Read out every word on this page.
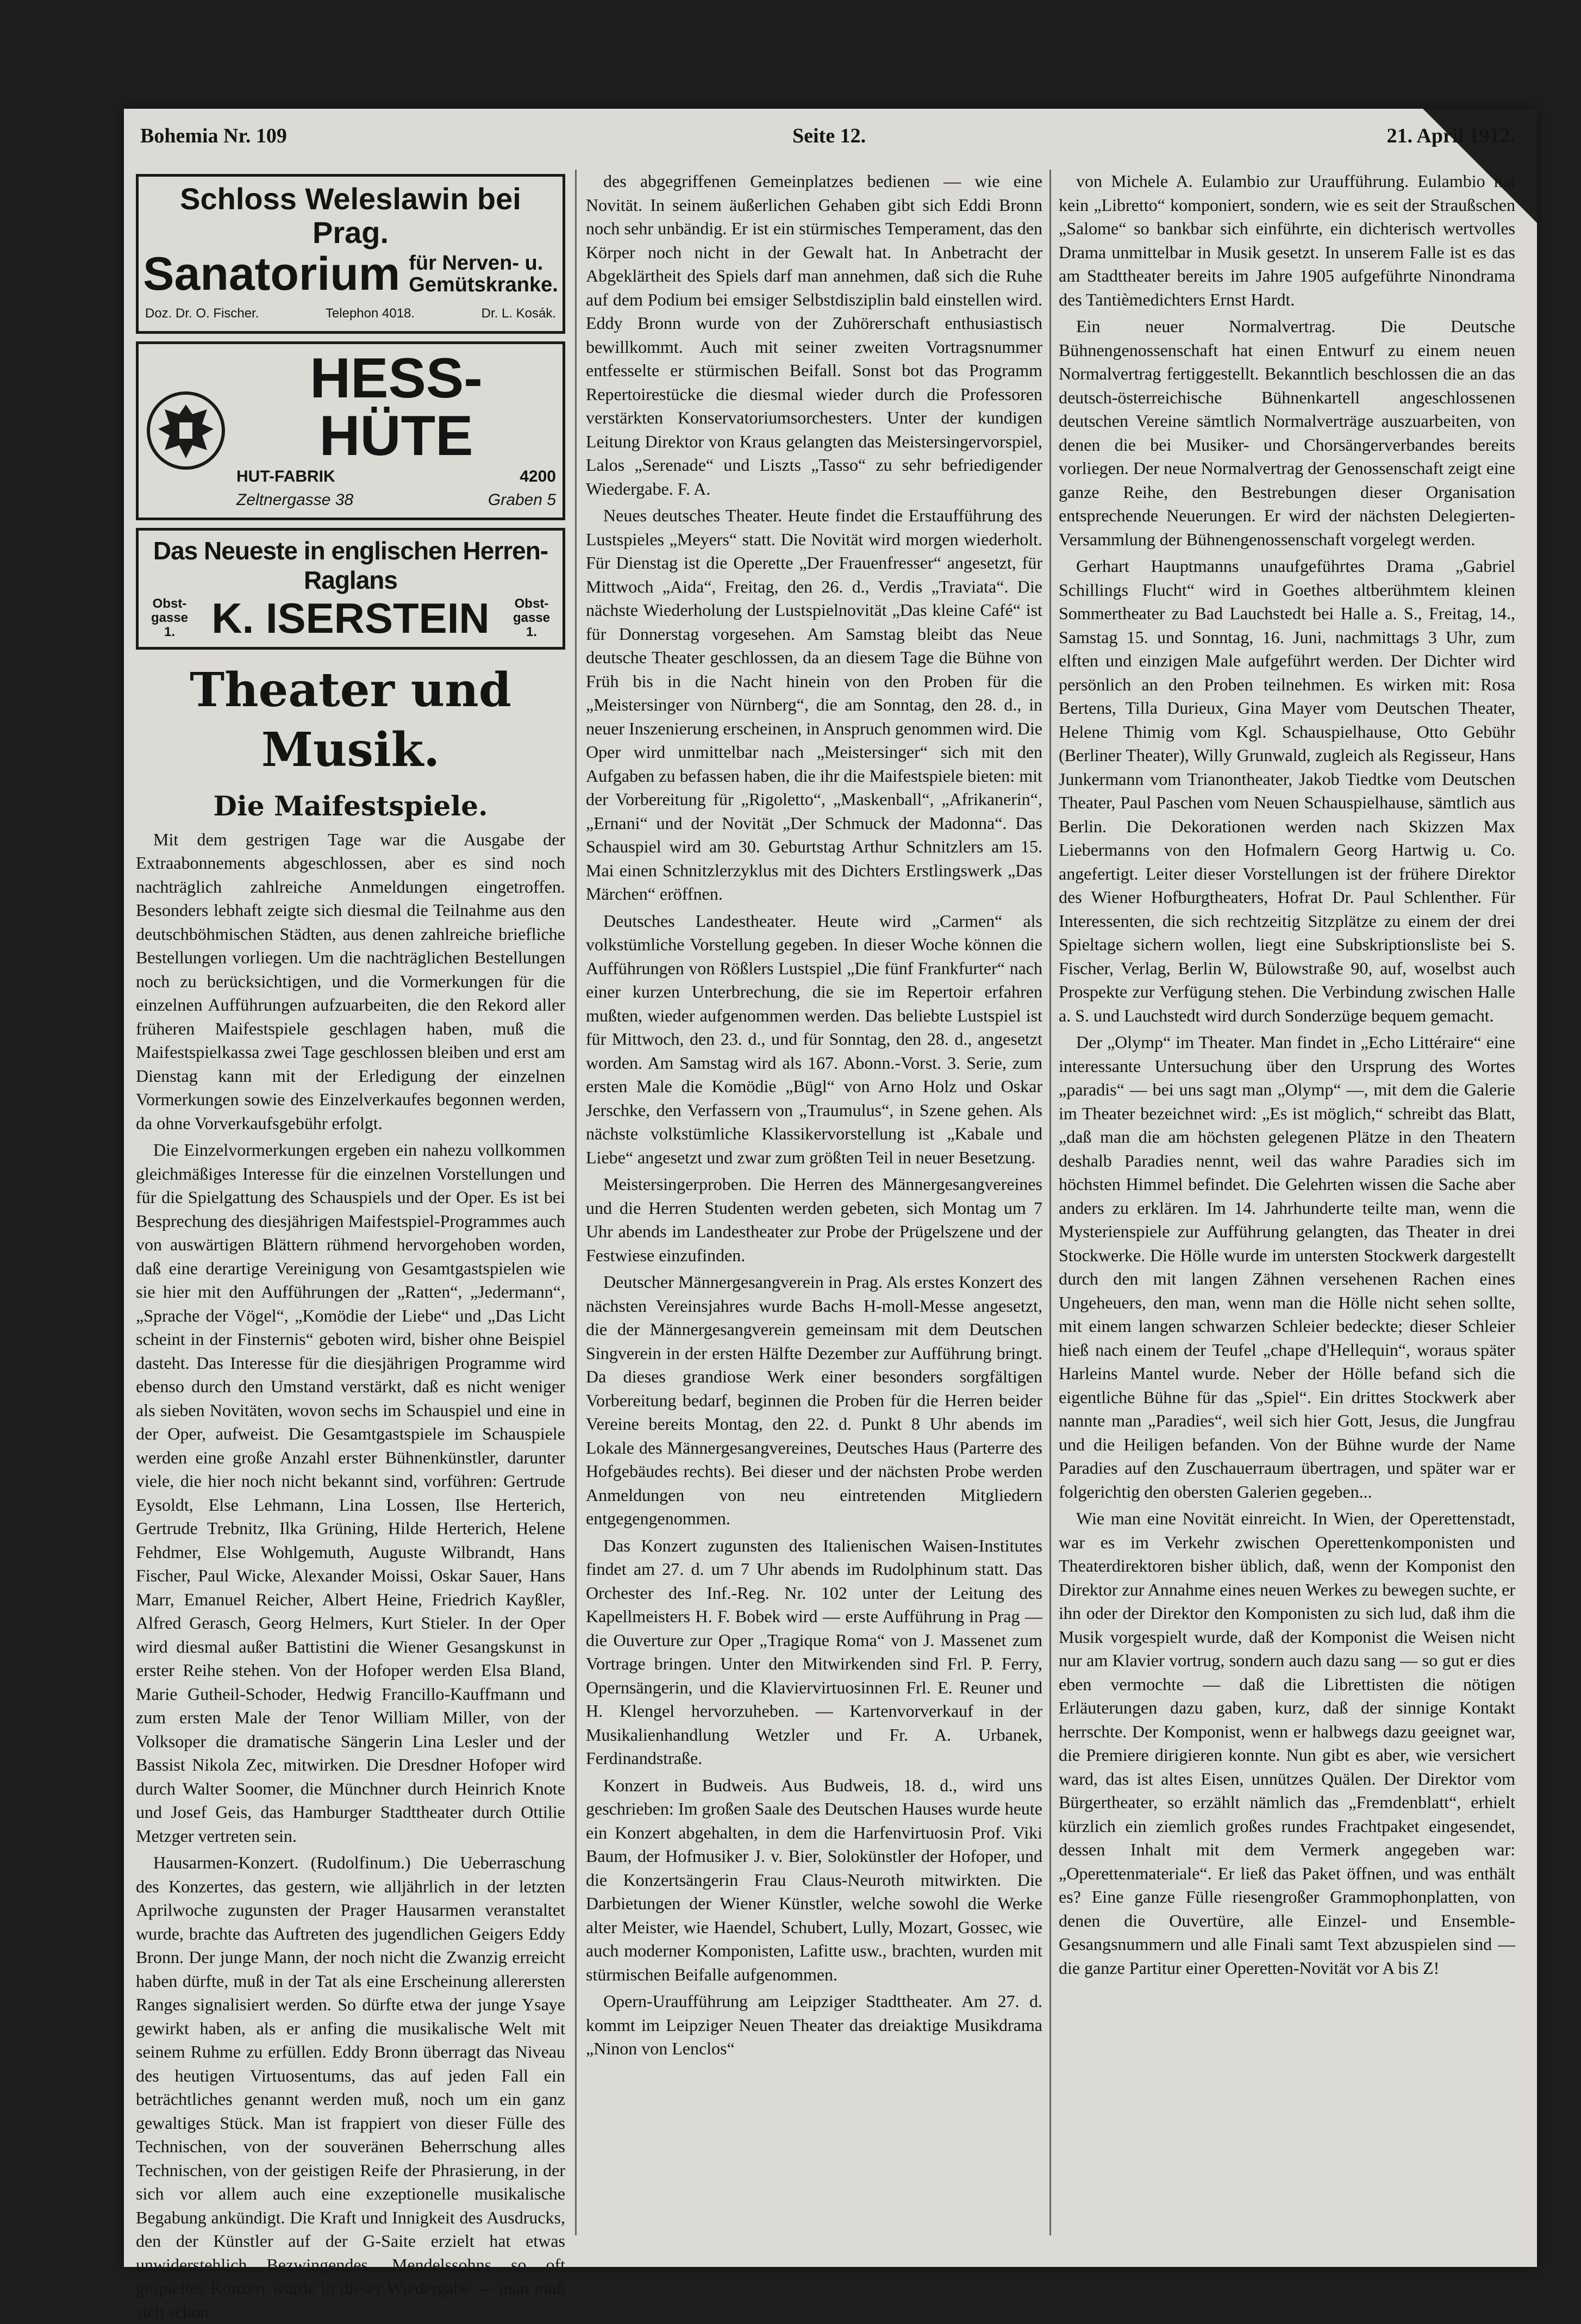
Bohemia Nr. 109	Seite 12.	21. April 1912.
Schloss Weleslawin bei Prag.
Sanatorium für Nerven- u. Gemütskranke.
Doz. Dr. O. Fischer.	Telephon 4018.	Dr. L. Kosák.
HESS-HÜTE
HUT-FABRIK	4200
Zeltnergasse 38	Graben 5
Das Neueste in englischen Herren-Raglans
Obst-gasse 1. K. ISERSTEIN	Obst-gasse 1.
Theater und Musik.
Die Maifestspiele.

Mit dem gestrigen Tage war die Ausgabe der Extraabonnements abgeschlossen, aber es sind noch nachträglich zahlreiche Anmeldungen eingetroffen. Besonders lebhaft zeigte sich diesmal die Teilnahme aus den deutschböhmischen Städten, aus denen zahlreiche briefliche Bestellungen vorliegen. Um die nachträglichen Bestellungen noch zu berücksichtigen, und die Vormerkungen für die einzelnen Aufführungen aufzuarbeiten, die den Rekord aller früheren Maifestspiele geschlagen haben, muß die Maifestspielkassa zwei Tage geschlossen bleiben und erst am Dienstag kann mit der Erledigung der einzelnen Vormerkungen sowie des Einzelverkaufes begonnen werden, da ohne Vorverkaufsgebühr erfolgt.

Die Einzelvormerkungen ergeben ein nahezu vollkommen gleichmäßiges Interesse für die einzelnen Vorstellungen und für die Spielgattung des Schauspiels und der Oper. Es ist bei Besprechung des diesjährigen Maifestspiel-Programmes auch von auswärtigen Blättern rühmend hervorgehoben worden, daß eine derartige Vereinigung von Gesamtgastspielen wie sie hier mit den Aufführungen der „Ratten“, „Jedermann“, „Sprache der Vögel“, „Komödie der Liebe“ und „Das Licht scheint in der Finsternis“ geboten wird, bisher ohne Beispiel dasteht. Das Interesse für die diesjährigen Programme wird ebenso durch den Umstand verstärkt, daß es nicht weniger als sieben Novitäten, wovon sechs im Schauspiel und eine in der Oper, aufweist. Die Gesamtgastspiele im Schauspiele werden eine große Anzahl erster Bühnenkünstler, darunter viele, die hier noch nicht bekannt sind, vorführen: Gertrude Eysoldt, Else Lehmann, Lina Lossen, Ilse Herterich, Gertrude Trebnitz, Ilka Grüning, Hilde Herterich, Helene Fehdmer, Else Wohlgemuth, Auguste Wilbrandt, Hans Fischer, Paul Wicke, Alexander Moissi, Oskar Sauer, Hans Marr, Emanuel Reicher, Albert Heine, Friedrich Kayßler, Alfred Gerasch, Georg Helmers, Kurt Stieler. In der Oper wird diesmal außer Battistini die Wiener Gesangskunst in erster Reihe stehen. Von der Hofoper werden Elsa Bland, Marie Gutheil-Schoder, Hedwig Francillo-Kauffmann und zum ersten Male der Tenor William Miller, von der Volksoper die dramatische Sängerin Lina Lesler und der Bassist Nikola Zec, mitwirken. Die Dresdner Hofoper wird durch Walter Soomer, die Münchner durch Heinrich Knote und Josef Geis, das Hamburger Stadttheater durch Ottilie Metzger vertreten sein.

Hausarmen-Konzert. (Rudolfinum.) Die Ueberraschung des Konzertes, das gestern, wie alljährlich in der letzten Aprilwoche zugunsten der Prager Hausarmen veranstaltet wurde, brachte das Auftreten des jugendlichen Geigers Eddy Bronn. Der junge Mann, der noch nicht die Zwanzig erreicht haben dürfte, muß in der Tat als eine Erscheinung allerersten Ranges signalisiert werden. So dürfte etwa der junge Ysaye gewirkt haben, als er anfing die musikalische Welt mit seinem Ruhme zu erfüllen. Eddy Bronn überragt das Niveau des heutigen Virtuosentums, das auf jeden Fall ein beträchtliches genannt werden muß, noch um ein ganz gewaltiges Stück. Man ist frappiert von dieser Fülle des Technischen, von der souveränen Beherrschung alles Technischen, von der geistigen Reife der Phrasierung, in der sich vor allem auch eine exzeptionelle musikalische Begabung ankündigt. Die Kraft und Innigkeit des Ausdrucks, den der Künstler auf der G-Saite erzielt hat etwas unwiderstehlich Bezwingendes. Mendelssohns so oft gespieltes Konzert wurde in dieser Wiedergabe — man muß sich schon

des abgegriffenen Gemeinplatzes bedienen — wie eine Novität. In seinem äußerlichen Gehaben gibt sich Eddi Bronn noch sehr unbändig. Er ist ein stürmisches Temperament, das den Körper noch nicht in der Gewalt hat. In Anbetracht der Abgeklärtheit des Spiels darf man annehmen, daß sich die Ruhe auf dem Podium bei emsiger Selbstdisziplin bald einstellen wird. Eddy Bronn wurde von der Zuhörerschaft enthusiastisch bewillkommt. Auch mit seiner zweiten Vortragsnummer entfesselte er stürmischen Beifall. Sonst bot das Programm Repertoirestücke die diesmal wieder durch die Professoren verstärkten Konservatoriumsorchesters. Unter der kundigen Leitung Direktor von Kraus gelangten das Meistersingervorspiel, Lalos „Serenade“ und Liszts „Tasso“ zu sehr befriedigender Wiedergabe. F. A.

Neues deutsches Theater. Heute findet die Erstaufführung des Lustspieles „Meyers“ statt. Die Novität wird morgen wiederholt. Für Dienstag ist die Operette „Der Frauenfresser“ angesetzt, für Mittwoch „Aida“, Freitag, den 26. d., Verdis „Traviata“. Die nächste Wiederholung der Lustspielnovität „Das kleine Café“ ist für Donnerstag vorgesehen. Am Samstag bleibt das Neue deutsche Theater geschlossen, da an diesem Tage die Bühne von Früh bis in die Nacht hinein von den Proben für die „Meistersinger von Nürnberg“, die am Sonntag, den 28. d., in neuer Inszenierung erscheinen, in Anspruch genommen wird. Die Oper wird unmittelbar nach „Meistersinger“ sich mit den Aufgaben zu befassen haben, die ihr die Maifestspiele bieten: mit der Vorbereitung für „Rigoletto“, „Maskenball“, „Afrikanerin“, „Ernani“ und der Novität „Der Schmuck der Madonna“. Das Schauspiel wird am 30. Geburtstag Arthur Schnitzlers am 15. Mai einen Schnitzlerzyklus mit des Dichters Erstlingswerk „Das Märchen“ eröffnen.

Deutsches Landestheater. Heute wird „Carmen“ als volkstümliche Vorstellung gegeben. In dieser Woche können die Aufführungen von Rößlers Lustspiel „Die fünf Frankfurter“ nach einer kurzen Unterbrechung, die sie im Repertoir erfahren mußten, wieder aufgenommen werden. Das beliebte Lustspiel ist für Mittwoch, den 23. d., und für Sonntag, den 28. d., angesetzt worden. Am Samstag wird als 167. Abonn.-Vorst. 3. Serie, zum ersten Male die Komödie „Bügl“ von Arno Holz und Oskar Jerschke, den Verfassern von „Traumulus“, in Szene gehen. Als nächste volkstümliche Klassikervorstellung ist „Kabale und Liebe“ angesetzt und zwar zum größten Teil in neuer Besetzung.

Meistersingerproben. Die Herren des Männergesangvereines und die Herren Studenten werden gebeten, sich Montag um 7 Uhr abends im Landestheater zur Probe der Prügelszene und der Festwiese einzufinden.

Deutscher Männergesangverein in Prag. Als erstes Konzert des nächsten Vereinsjahres wurde Bachs H-moll-Messe angesetzt, die der Männergesangverein gemeinsam mit dem Deutschen Singverein in der ersten Hälfte Dezember zur Aufführung bringt. Da dieses grandiose Werk einer besonders sorgfältigen Vorbereitung bedarf, beginnen die Proben für die Herren beider Vereine bereits Montag, den 22. d. Punkt 8 Uhr abends im Lokale des Männergesangvereines, Deutsches Haus (Parterre des Hofgebäudes rechts). Bei dieser und der nächsten Probe werden Anmeldungen von neu eintretenden Mitgliedern entgegengenommen.

Das Konzert zugunsten des Italienischen Waisen-Institutes findet am 27. d. um 7 Uhr abends im Rudolphinum statt. Das Orchester des Inf.-Reg. Nr. 102 unter der Leitung des Kapellmeisters H. F. Bobek wird — erste Aufführung in Prag — die Ouverture zur Oper „Tragique Roma“ von J. Massenet zum Vortrage bringen. Unter den Mitwirkenden sind Frl. P. Ferry, Opernsängerin, und die Klaviervirtuosinnen Frl. E. Reuner und H. Klengel hervorzuheben. — Kartenvorverkauf in der Musikalienhandlung Wetzler und Fr. A. Urbanek, Ferdinandstraße.

Konzert in Budweis. Aus Budweis, 18. d., wird uns geschrieben: Im großen Saale des Deutschen Hauses wurde heute ein Konzert abgehalten, in dem die Harfenvirtuosin Prof. Viki Baum, der Hofmusiker J. v. Bier, Solokünstler der Hofoper, und die Konzertsängerin Frau Claus-Neuroth mitwirkten. Die Darbietungen der Wiener Künstler, welche sowohl die Werke alter Meister, wie Haendel, Schubert, Lully, Mozart, Gossec, wie auch moderner Komponisten, Lafitte usw., brachten, wurden mit stürmischen Beifalle aufgenommen.

Opern-Uraufführung am Leipziger Stadttheater. Am 27. d. kommt im Leipziger Neuen Theater das dreiaktige Musikdrama „Ninon von Lenclos“

von Michele A. Eulambio zur Uraufführung. Eulambio hat kein „Libretto“ komponiert, sondern, wie es seit der Straußschen „Salome“ so bankbar sich einführte, ein dichterisch wertvolles Drama unmittelbar in Musik gesetzt. In unserem Falle ist es das am Stadttheater bereits im Jahre 1905 aufgeführte Ninondrama des Tantièmedichters Ernst Hardt.

Ein neuer Normalvertrag. Die Deutsche Bühnengenossenschaft hat einen Entwurf zu einem neuen Normalvertrag fertiggestellt. Bekanntlich beschlossen die an das deutsch-österreichische Bühnenkartell angeschlossenen deutschen Vereine sämtlich Normalverträge auszuarbeiten, von denen die bei Musiker- und Chorsängerverbandes bereits vorliegen. Der neue Normalvertrag der Genossenschaft zeigt eine ganze Reihe, den Bestrebungen dieser Organisation entsprechende Neuerungen. Er wird der nächsten Delegierten-Versammlung der Bühnengenossenschaft vorgelegt werden.

Gerhart Hauptmanns unaufgeführtes Drama „Gabriel Schillings Flucht“ wird in Goethes altberühmtem kleinen Sommertheater zu Bad Lauchstedt bei Halle a. S., Freitag, 14., Samstag 15. und Sonntag, 16. Juni, nachmittags 3 Uhr, zum elften und einzigen Male aufgeführt werden. Der Dichter wird persönlich an den Proben teilnehmen. Es wirken mit: Rosa Bertens, Tilla Durieux, Gina Mayer vom Deutschen Theater, Helene Thimig vom Kgl. Schauspielhause, Otto Gebühr (Berliner Theater), Willy Grunwald, zugleich als Regisseur, Hans Junkermann vom Trianontheater, Jakob Tiedtke vom Deutschen Theater, Paul Paschen vom Neuen Schauspielhause, sämtlich aus Berlin. Die Dekorationen werden nach Skizzen Max Liebermanns von den Hofmalern Georg Hartwig u. Co. angefertigt. Leiter dieser Vorstellungen ist der frühere Direktor des Wiener Hofburgtheaters, Hofrat Dr. Paul Schlenther. Für Interessenten, die sich rechtzeitig Sitzplätze zu einem der drei Spieltage sichern wollen, liegt eine Subskriptionsliste bei S. Fischer, Verlag, Berlin W, Bülowstraße 90, auf, woselbst auch Prospekte zur Verfügung stehen. Die Verbindung zwischen Halle a. S. und Lauchstedt wird durch Sonderzüge bequem gemacht.

Der „Olymp“ im Theater. Man findet in „Echo Littéraire“ eine interessante Untersuchung über den Ursprung des Wortes „paradis“ — bei uns sagt man „Olymp“ —, mit dem die Galerie im Theater bezeichnet wird: „Es ist möglich,“ schreibt das Blatt, „daß man die am höchsten gelegenen Plätze in den Theatern deshalb Paradies nennt, weil das wahre Paradies sich im höchsten Himmel befindet. Die Gelehrten wissen die Sache aber anders zu erklären. Im 14. Jahrhunderte teilte man, wenn die Mysterienspiele zur Aufführung gelangten, das Theater in drei Stockwerke. Die Hölle wurde im untersten Stockwerk dargestellt durch den mit langen Zähnen versehenen Rachen eines Ungeheuers, den man, wenn man die Hölle nicht sehen sollte, mit einem langen schwarzen Schleier bedeckte; dieser Schleier hieß nach einem der Teufel „chape d'Hellequin“, woraus später Harleins Mantel wurde. Neber der Hölle befand sich die eigentliche Bühne für das „Spiel“. Ein drittes Stockwerk aber nannte man „Paradies“, weil sich hier Gott, Jesus, die Jungfrau und die Heiligen befanden. Von der Bühne wurde der Name Paradies auf den Zuschauerraum übertragen, und später war er folgerichtig den obersten Galerien gegeben...

Wie man eine Novität einreicht. In Wien, der Operettenstadt, war es im Verkehr zwischen Operettenkomponisten und Theaterdirektoren bisher üblich, daß, wenn der Komponist den Direktor zur Annahme eines neuen Werkes zu bewegen suchte, er ihn oder der Direktor den Komponisten zu sich lud, daß ihm die Musik vorgespielt wurde, daß der Komponist die Weisen nicht nur am Klavier vortrug, sondern auch dazu sang — so gut er dies eben vermochte — daß die Librettisten die nötigen Erläuterungen dazu gaben, kurz, daß der sinnige Kontakt herrschte. Der Komponist, wenn er halbwegs dazu geeignet war, die Premiere dirigieren konnte. Nun gibt es aber, wie versichert ward, das ist altes Eisen, unnützes Quälen. Der Direktor vom Bürgertheater, so erzählt nämlich das „Fremdenblatt“, erhielt kürzlich ein ziemlich großes rundes Frachtpaket eingesendet, dessen Inhalt mit dem Vermerk angegeben war: „Operettenmateriale“. Er ließ das Paket öffnen, und was enthält es? Eine ganze Fülle riesengroßer Grammophonplatten, von denen die Ouvertüre, alle Einzel- und Ensemble-Gesangsnummern und alle Finali samt Text abzuspielen sind — die ganze Partitur einer Operetten-Novität vor A bis Z!
